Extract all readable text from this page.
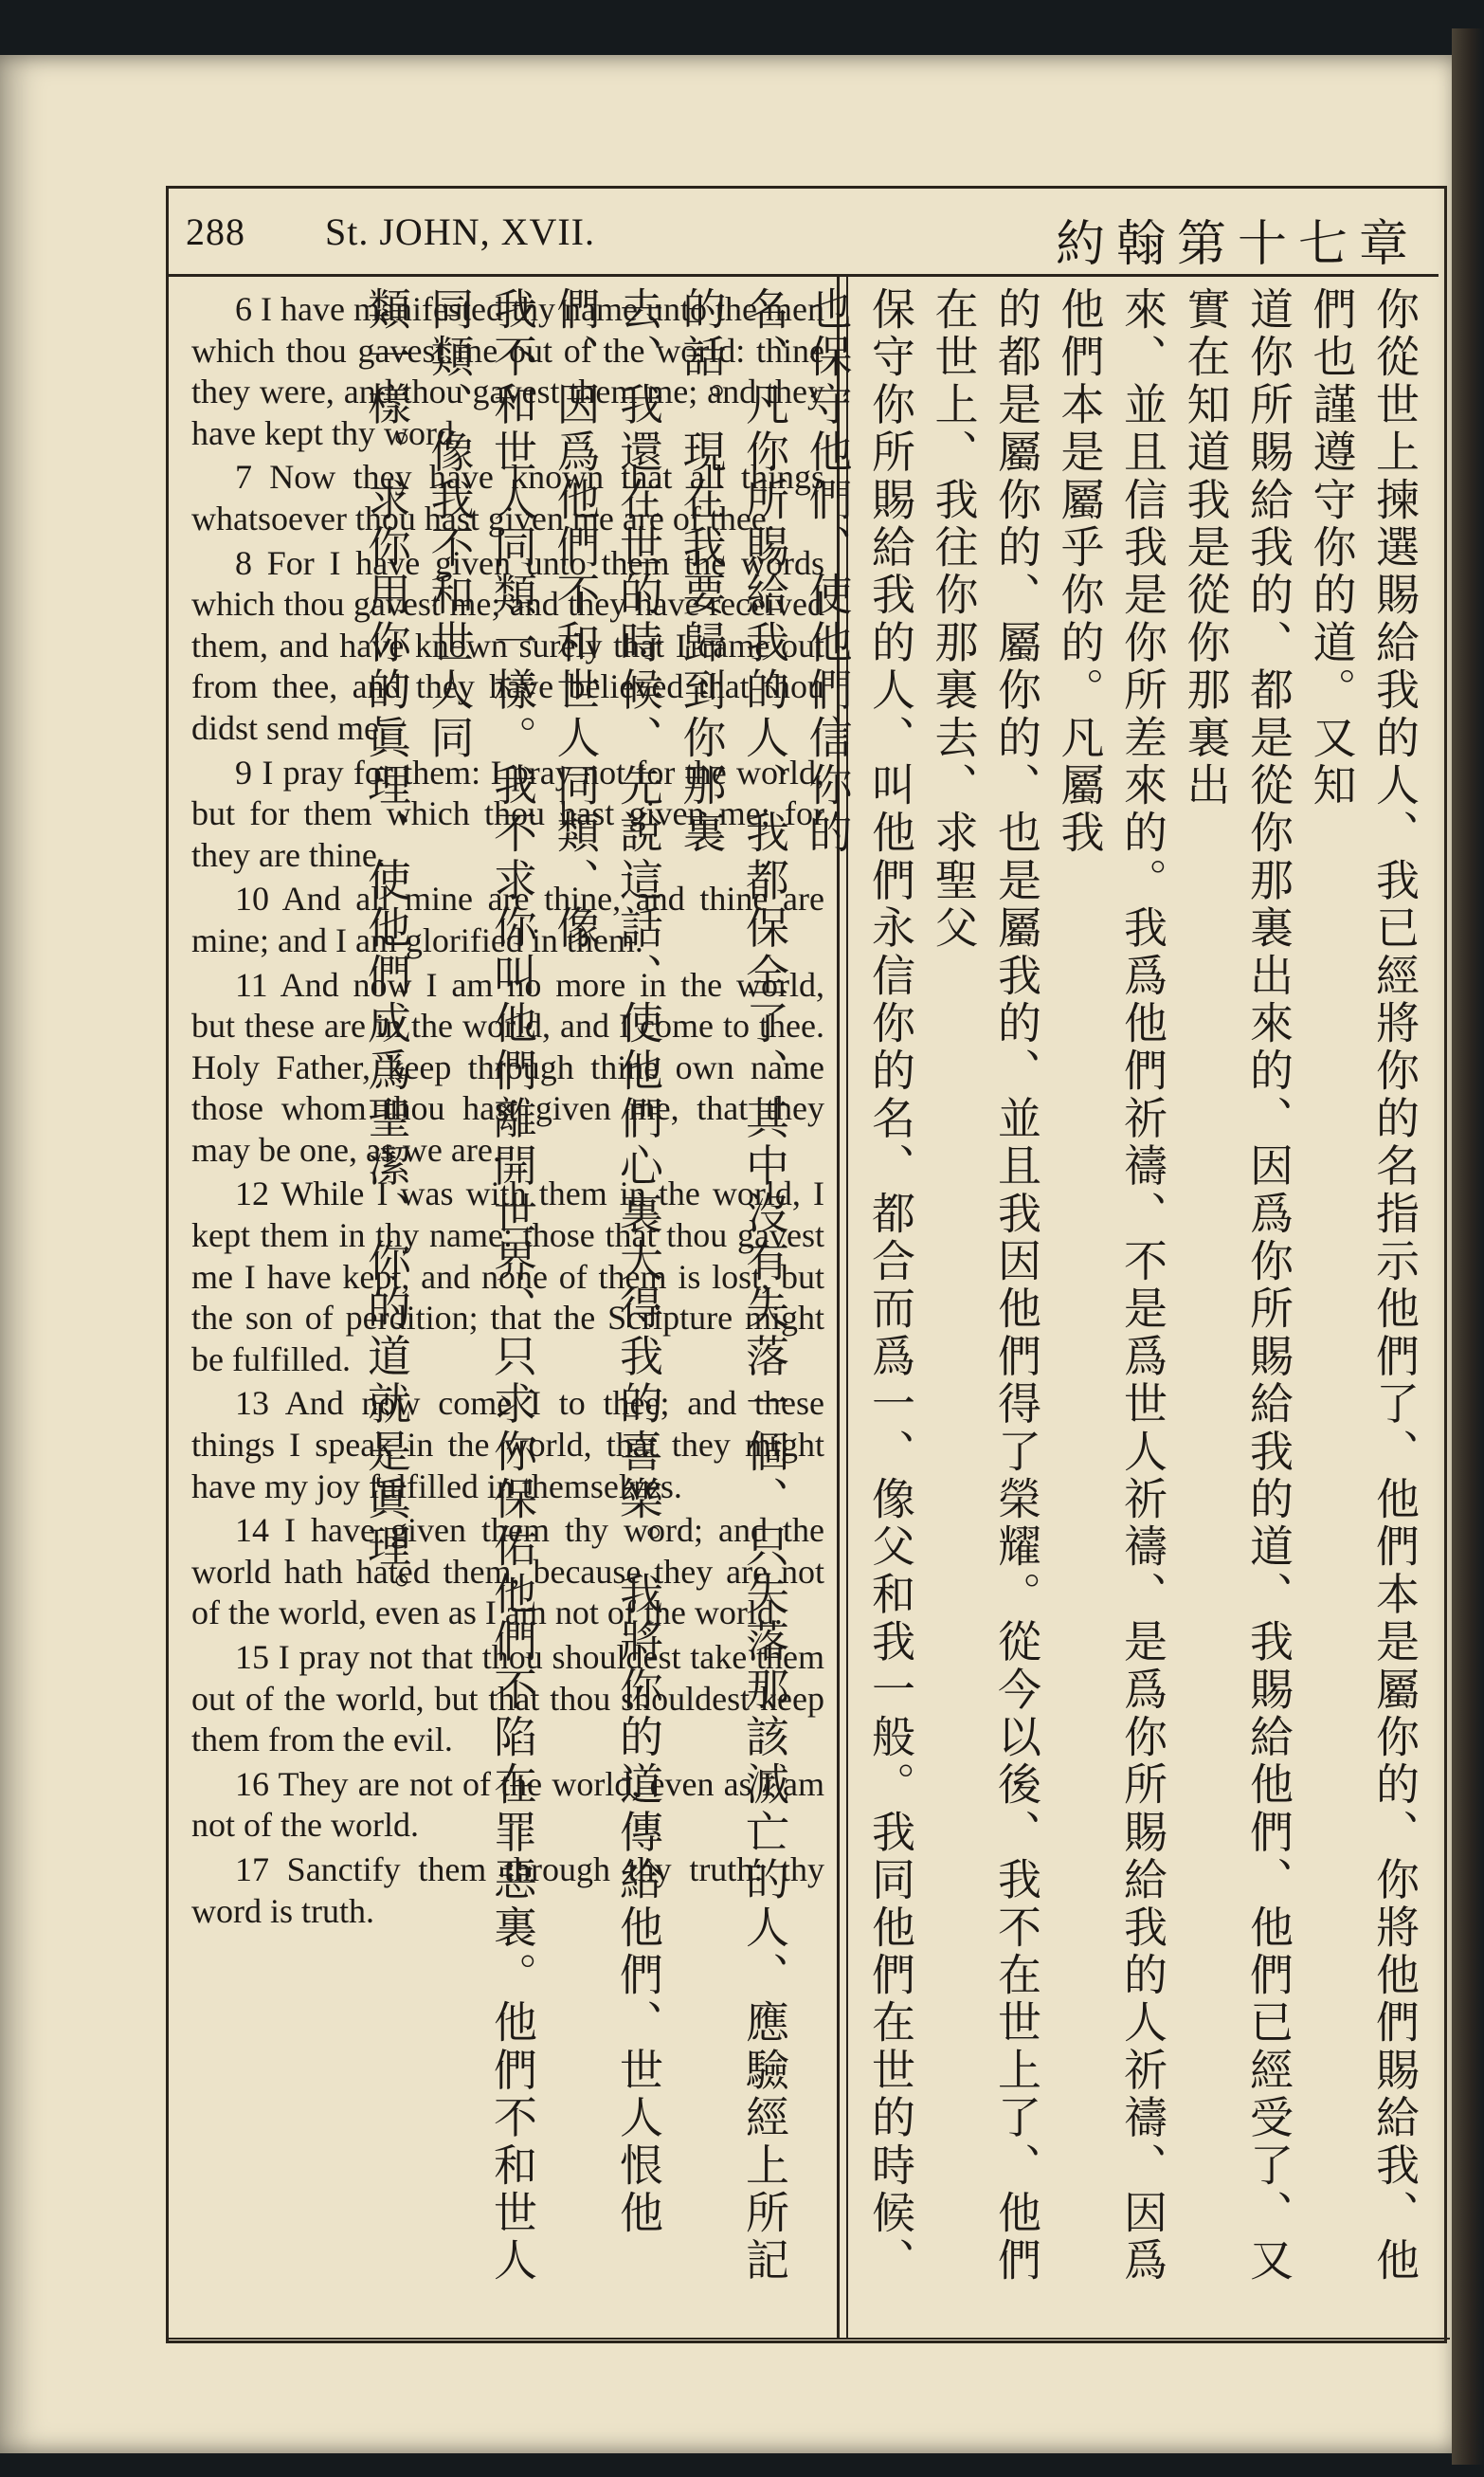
288 St. JOHN, XVII.	約翰第十七章

6 I have manifested thy name unto the men which thou gavest me out of the world: thine they were, and thou gavest them me; and they have kept thy word.

7 Now they have known that all things whatsoever thou hast given me are of thee.

8 For I have given unto them the words which thou gavest me; and they have received them, and have known surely that I came out from thee, and they have believed that thou didst send me.

9 I pray for them: I pray not for the world, but for them which thou hast given me; for they are thine.

10 And all mine are thine, and thine are mine; and I am glorified in them.

11 And now I am no more in the world, but these are in the world, and I come to thee. Holy Father, keep through thine own name those whom thou hast given me, that they may be one, as we are.

12 While I was with them in the world, I kept them in thy name: those that thou gavest me I have kept, and none of them is lost, but the son of perdition; that the Scripture might be fulfilled.

13 And now come I to thee; and these things I speak in the world, that they might have my joy fulfilled in themselves.

14 I have given them thy word; and the world hath hated them, because they are not of the world, even as I am not of the world.

15 I pray not that thou shouldest take them out of the world, but that thou shouldest keep them from the evil.

16 They are not of the world, even as I am not of the world.

17 Sanctify them through thy truth: thy word is truth.	你從世上揀選賜給我的人、我已經將你的名指示他們了、他們本是屬你的、你將他們賜給我、他們也謹遵守你的道。又知
道你所賜給我的、都是從你那裏出來的、因爲你所賜給我的道、我賜給他們、他們已經受了、又實在知道我是從你那裏出
來、並且信我是你所差來的。我爲他們祈禱、不是爲世人祈禱、是爲你所賜給我的人祈禱、因爲他們本是屬乎你的。凡屬我
的都是屬你的、屬你的、也是屬我的、並且我因他們得了榮耀。從今以後、我不在世上了、他們在世上、我往你那裏去、求聖父
保守你所賜給我的人、叫他們永信你的名、都合而爲一、像父和我一般。我同他們在世的時候、也保守他們、使他們信你的
名、凡你所賜給我的人、我都保全了、其中沒有失落一個、只失落那該滅亡的人、應驗經上所記的話。現在我要歸到你那裏
去、我還在世的時候、先說這話、使他們心裏大得我的喜樂。我將你的道傳給他們、世人恨他們、因爲他們不和世人同類、像
我不和世人同類一樣。我不求你叫他們離開世界、只求你保佑他們不陷在罪惡裏。他們不和世人同類、像我不和世人同
類一樣。求你用你的眞理、使他們成爲聖潔、你的道就是眞理。
